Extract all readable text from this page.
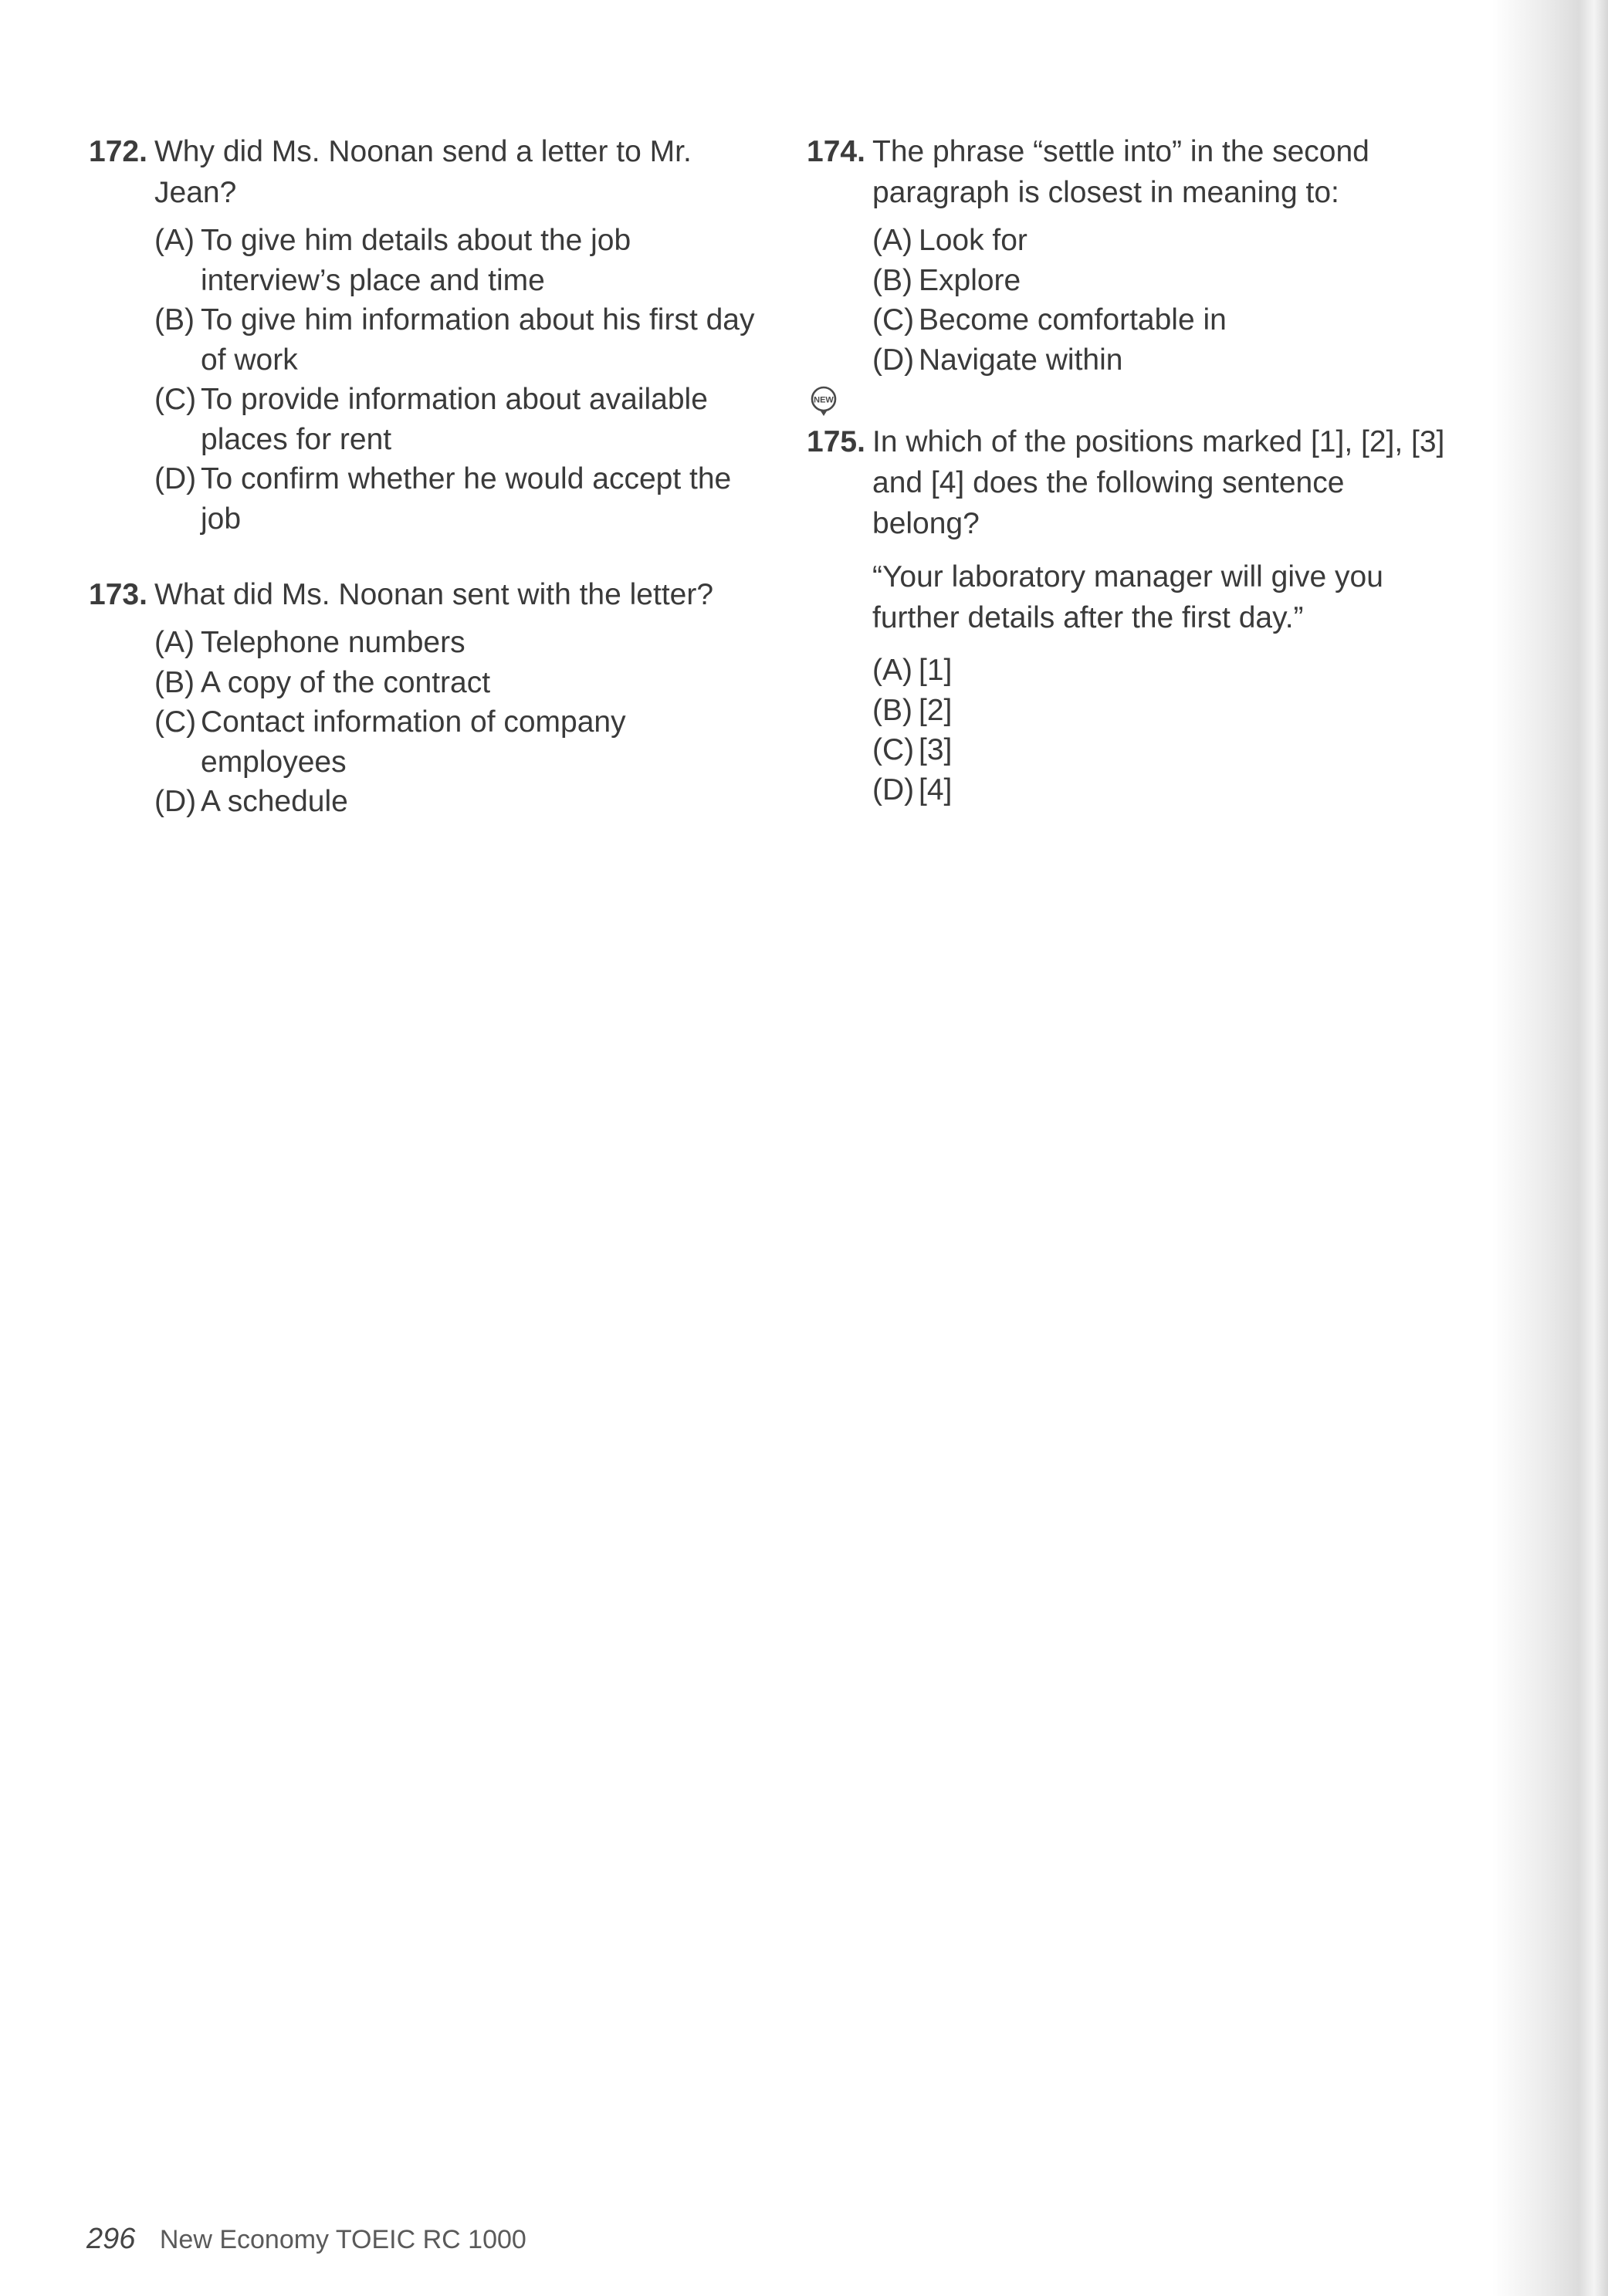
172. Why did Ms. Noonan send a letter to Mr. Jean?
(A) To give him details about the job interview’s place and time
(B) To give him information about his first day of work
(C) To provide information about available places for rent
(D) To confirm whether he would accept the job
173. What did Ms. Noonan sent with the letter?
(A) Telephone numbers
(B) A copy of the contract
(C) Contact information of company employees
(D) A schedule
174. The phrase “settle into” in the second paragraph is closest in meaning to:
(A) Look for
(B) Explore
(C) Become comfortable in
(D) Navigate within
NEW
175. In which of the positions marked [1], [2], [3] and [4] does the following sentence belong?
“Your laboratory manager will give you further details after the first day.”
(A) [1]
(B) [2]
(C) [3]
(D) [4]
296 New Economy TOEIC RC 1000
